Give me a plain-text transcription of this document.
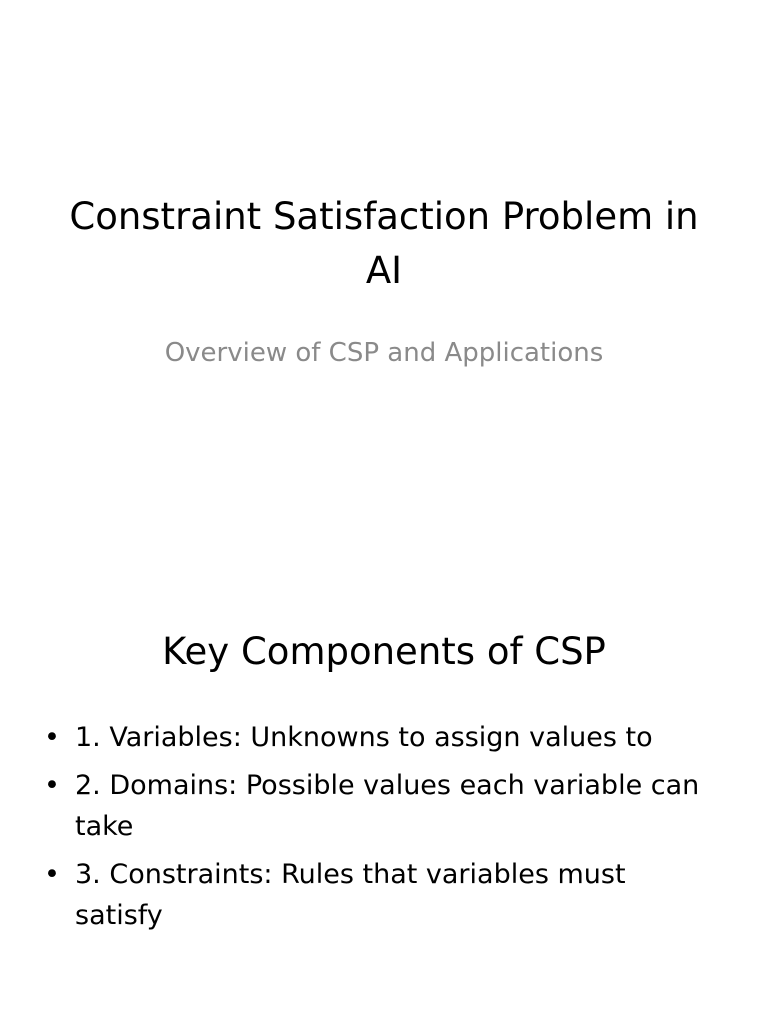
Constraint Satisfaction Problem in AI

Overview of CSP and Applications

Key Components of CSP
• 1. Variables: Unknowns to assign values to
• 2. Domains: Possible values each variable can take
• 3. Constraints: Rules that variables must satisfy
